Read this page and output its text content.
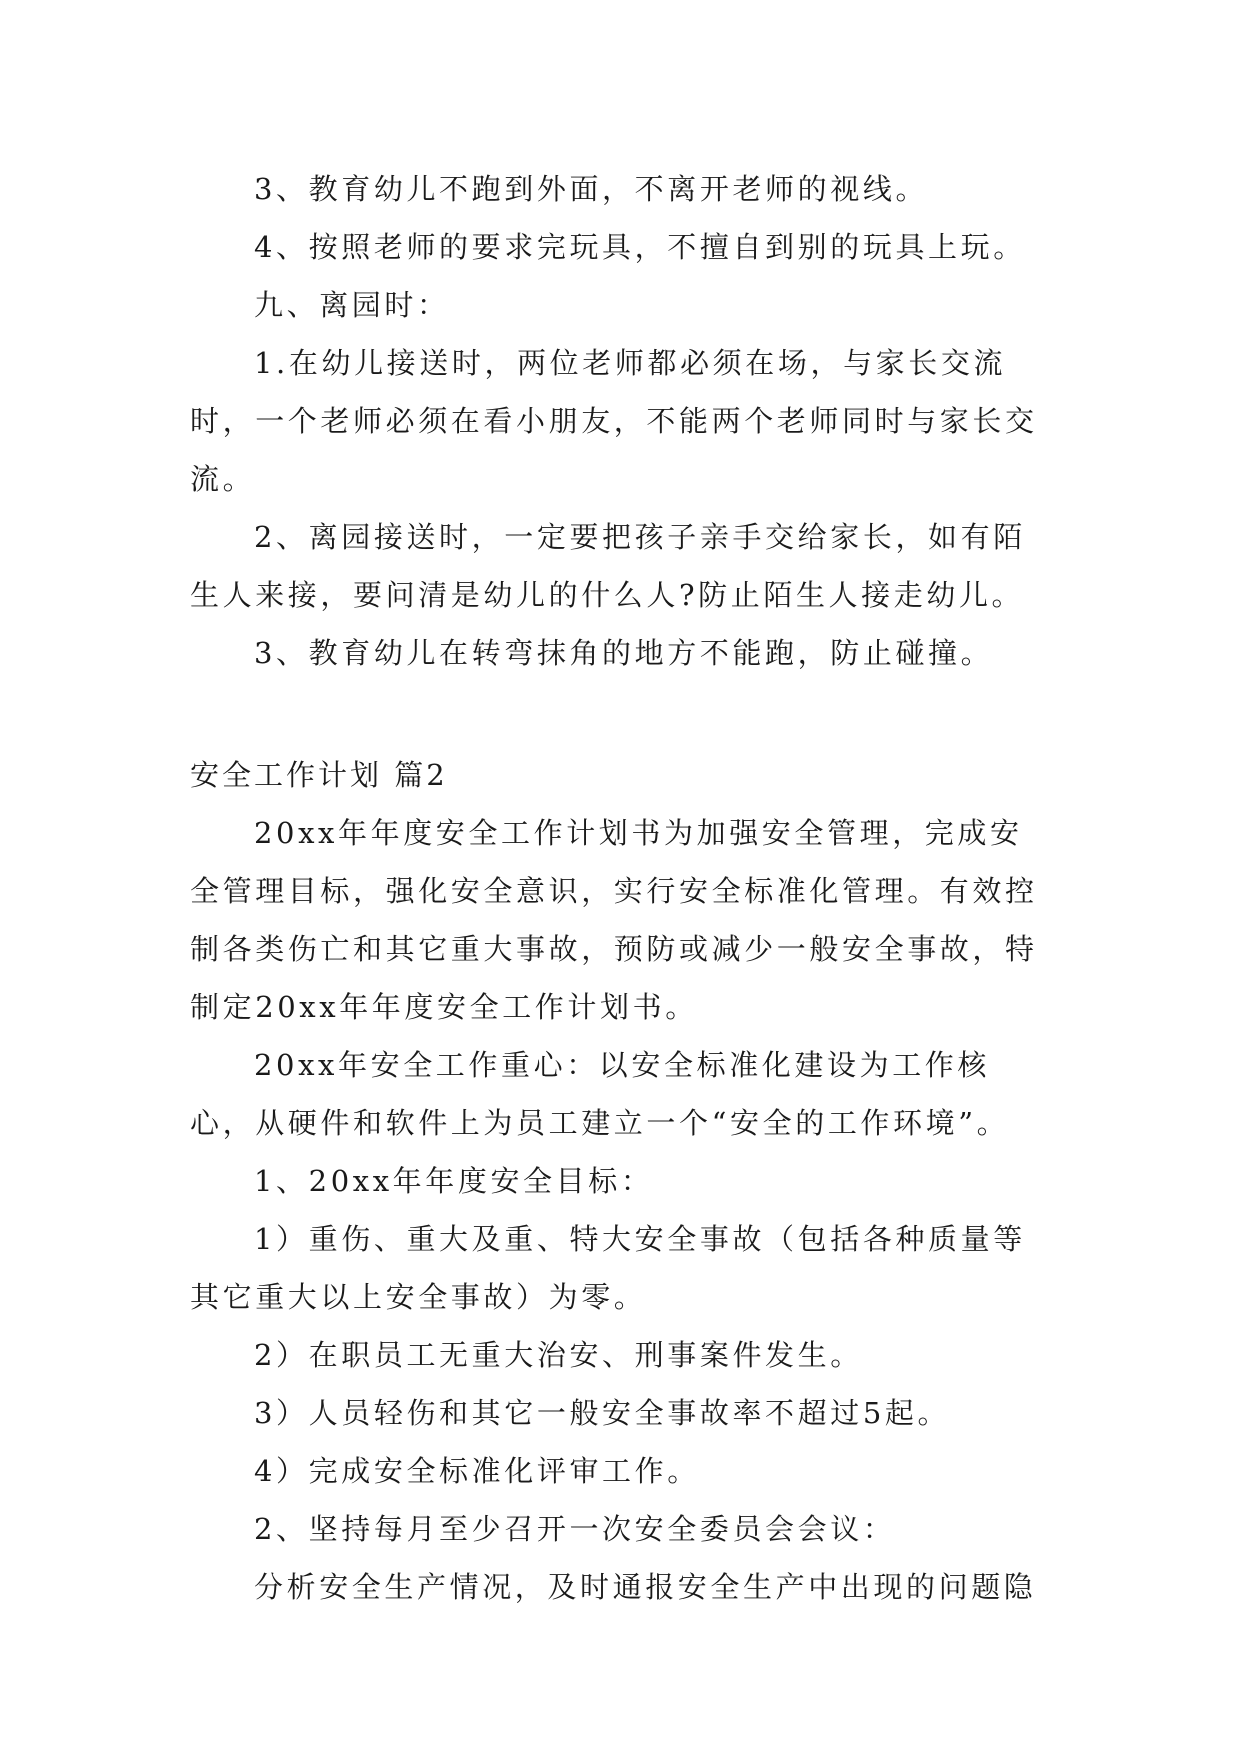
3、教育幼儿不跑到外面，不离开老师的视线。

4、按照老师的要求完玩具，不擅自到别的玩具上玩。

九、离园时：

1.在幼儿接送时，两位老师都必须在场，与家长交流时，一个老师必须在看小朋友，不能两个老师同时与家长交流。

2、离园接送时，一定要把孩子亲手交给家长，如有陌生人来接，要问清是幼儿的什么人?防止陌生人接走幼儿。

3、教育幼儿在转弯抹角的地方不能跑，防止碰撞。

安全工作计划 篇2

20xx年年度安全工作计划书为加强安全管理，完成安全管理目标，强化安全意识，实行安全标准化管理。有效控制各类伤亡和其它重大事故，预防或减少一般安全事故，特制定20xx年年度安全工作计划书。

20xx年安全工作重心：以安全标准化建设为工作核心，从硬件和软件上为员工建立一个“安全的工作环境”。

1、20xx年年度安全目标：

1）重伤、重大及重、特大安全事故（包括各种质量等其它重大以上安全事故）为零。

2）在职员工无重大治安、刑事案件发生。

3）人员轻伤和其它一般安全事故率不超过5起。

4）完成安全标准化评审工作。

2、坚持每月至少召开一次安全委员会会议：

分析安全生产情况，及时通报安全生产中出现的问题隐
